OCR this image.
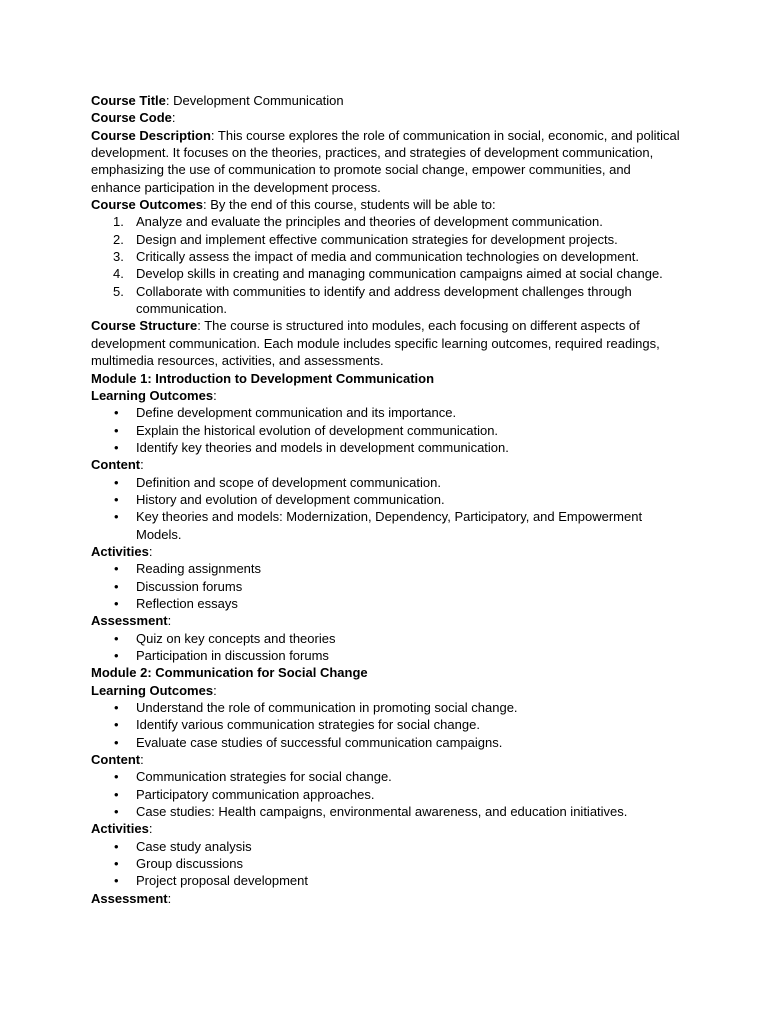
Course Title: Development Communication
Course Code:
Course Description: This course explores the role of communication in social, economic, and political development. It focuses on the theories, practices, and strategies of development communication, emphasizing the use of communication to promote social change, empower communities, and enhance participation in the development process.
Course Outcomes: By the end of this course, students will be able to:
1. Analyze and evaluate the principles and theories of development communication.
2. Design and implement effective communication strategies for development projects.
3. Critically assess the impact of media and communication technologies on development.
4. Develop skills in creating and managing communication campaigns aimed at social change.
5. Collaborate with communities to identify and address development challenges through communication.
Course Structure: The course is structured into modules, each focusing on different aspects of development communication. Each module includes specific learning outcomes, required readings, multimedia resources, activities, and assessments.
Module 1: Introduction to Development Communication
Learning Outcomes:
•	Define development communication and its importance.
•	Explain the historical evolution of development communication.
•	Identify key theories and models in development communication.
Content:
•	Definition and scope of development communication.
•	History and evolution of development communication.
•	Key theories and models: Modernization, Dependency, Participatory, and Empowerment Models.
Activities:
•	Reading assignments
•	Discussion forums
•	Reflection essays
Assessment:
•	Quiz on key concepts and theories
•	Participation in discussion forums
Module 2: Communication for Social Change
Learning Outcomes:
•	Understand the role of communication in promoting social change.
•	Identify various communication strategies for social change.
•	Evaluate case studies of successful communication campaigns.
Content:
•	Communication strategies for social change.
•	Participatory communication approaches.
•	Case studies: Health campaigns, environmental awareness, and education initiatives.
Activities:
•	Case study analysis
•	Group discussions
•	Project proposal development
Assessment:
